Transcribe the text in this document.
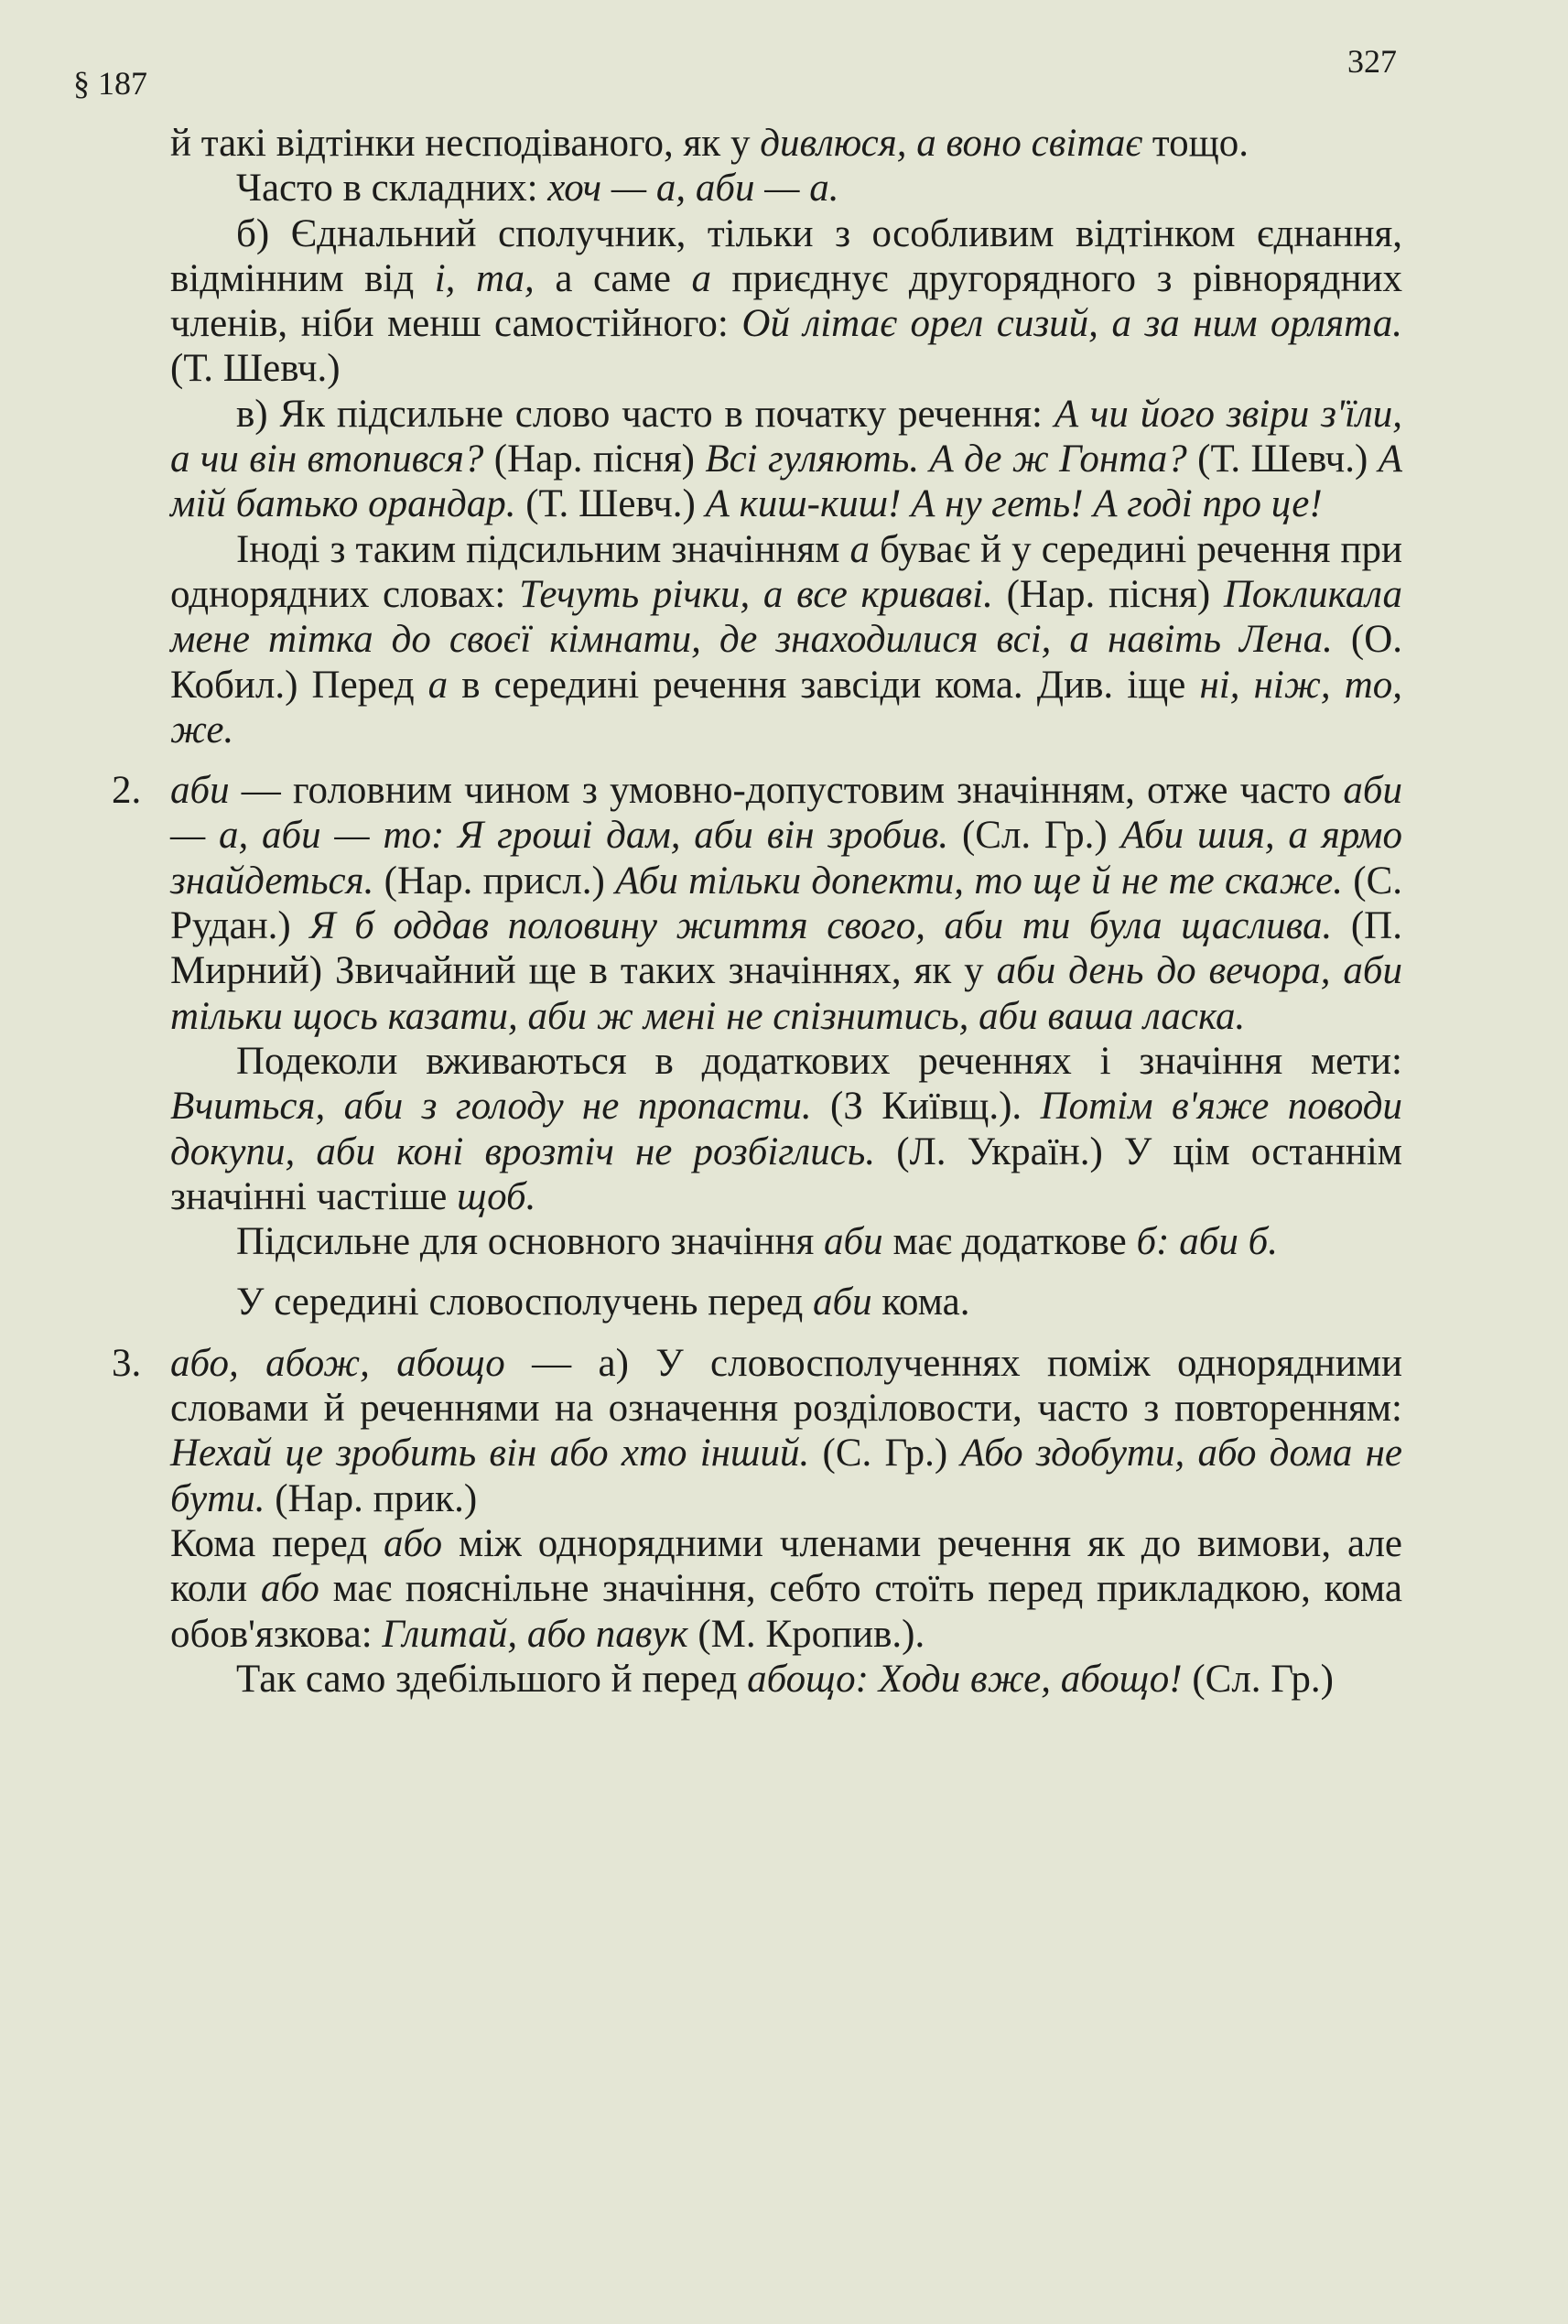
§ 187
327

й такі відтінки несподіваного, як у дивлюся, а воно світає тощо.

Часто в складних: хоч — а, аби — а.

б) Єднальний сполучник, тільки з особливим відтінком єднання, відмінним від і, та, а саме а приєднує другорядного з рівнорядних членів, ніби менш самостійного: Ой літає орел сизий, а за ним орлята. (Т. Шевч.)

в) Як підсильне слово часто в початку речення: А чи його звіри з'їли, а чи він втопився? (Нар. пісня) Всі гуляють. А де ж Гонта? (Т. Шевч.) А мій батько орандар. (Т. Шевч.) А киш-киш! А ну геть! А годі про це!

Іноді з таким підсильним значінням а буває й у середині речення при однорядних словах: Течуть річки, а все криваві. (Нар. пісня) Покликала мене тітка до своєї кімнати, де знаходилися всі, а навіть Лена. (О. Кобил.) Перед а в середині речення завсіди кома. Див. іще ні, ніж, то, же.

2. аби — головним чином з умовно-допустовим значінням, отже часто аби — а, аби — то: Я гроші дам, аби він зробив. (Сл. Гр.) Аби шия, а ярмо знайдеться. (Нар. присл.) Аби тільки допекти, то ще й не те скаже. (С. Рудан.) Я б оддав половину життя свого, аби ти була щаслива. (П. Мирний) Звичайний ще в таких значіннях, як у аби день до вечора, аби тільки щось казати, аби ж мені не спізнитись, аби ваша ласка.

Подеколи вживаються в додаткових реченнях і значіння мети: Вчиться, аби з голоду не пропасти. (З Київщ.). Потім в'яже поводи докупи, аби коні врозтіч не розбіглись. (Л. Україн.) У цім останнім значінні частіше щоб.

Підсильне для основного значіння аби має додаткове б: аби б.

У середині словосполучень перед аби кома.

3. або, абож, абощо — а) У словосполученнях поміж однорядними словами й реченнями на означення розділовости, часто з повторенням: Нехай це зробить він або хто інший. (С. Гр.) Або здобути, або дома не бути. (Нар. прик.)

Кома перед або між однорядними членами речення як до вимови, але коли або має пояснільне значіння, себто стоїть перед прикладкою, кома обов'язкова: Глитай, або павук (М. Кропив.).

Так само здебільшого й перед абощо: Ходи вже, абощо! (Сл. Гр.)
